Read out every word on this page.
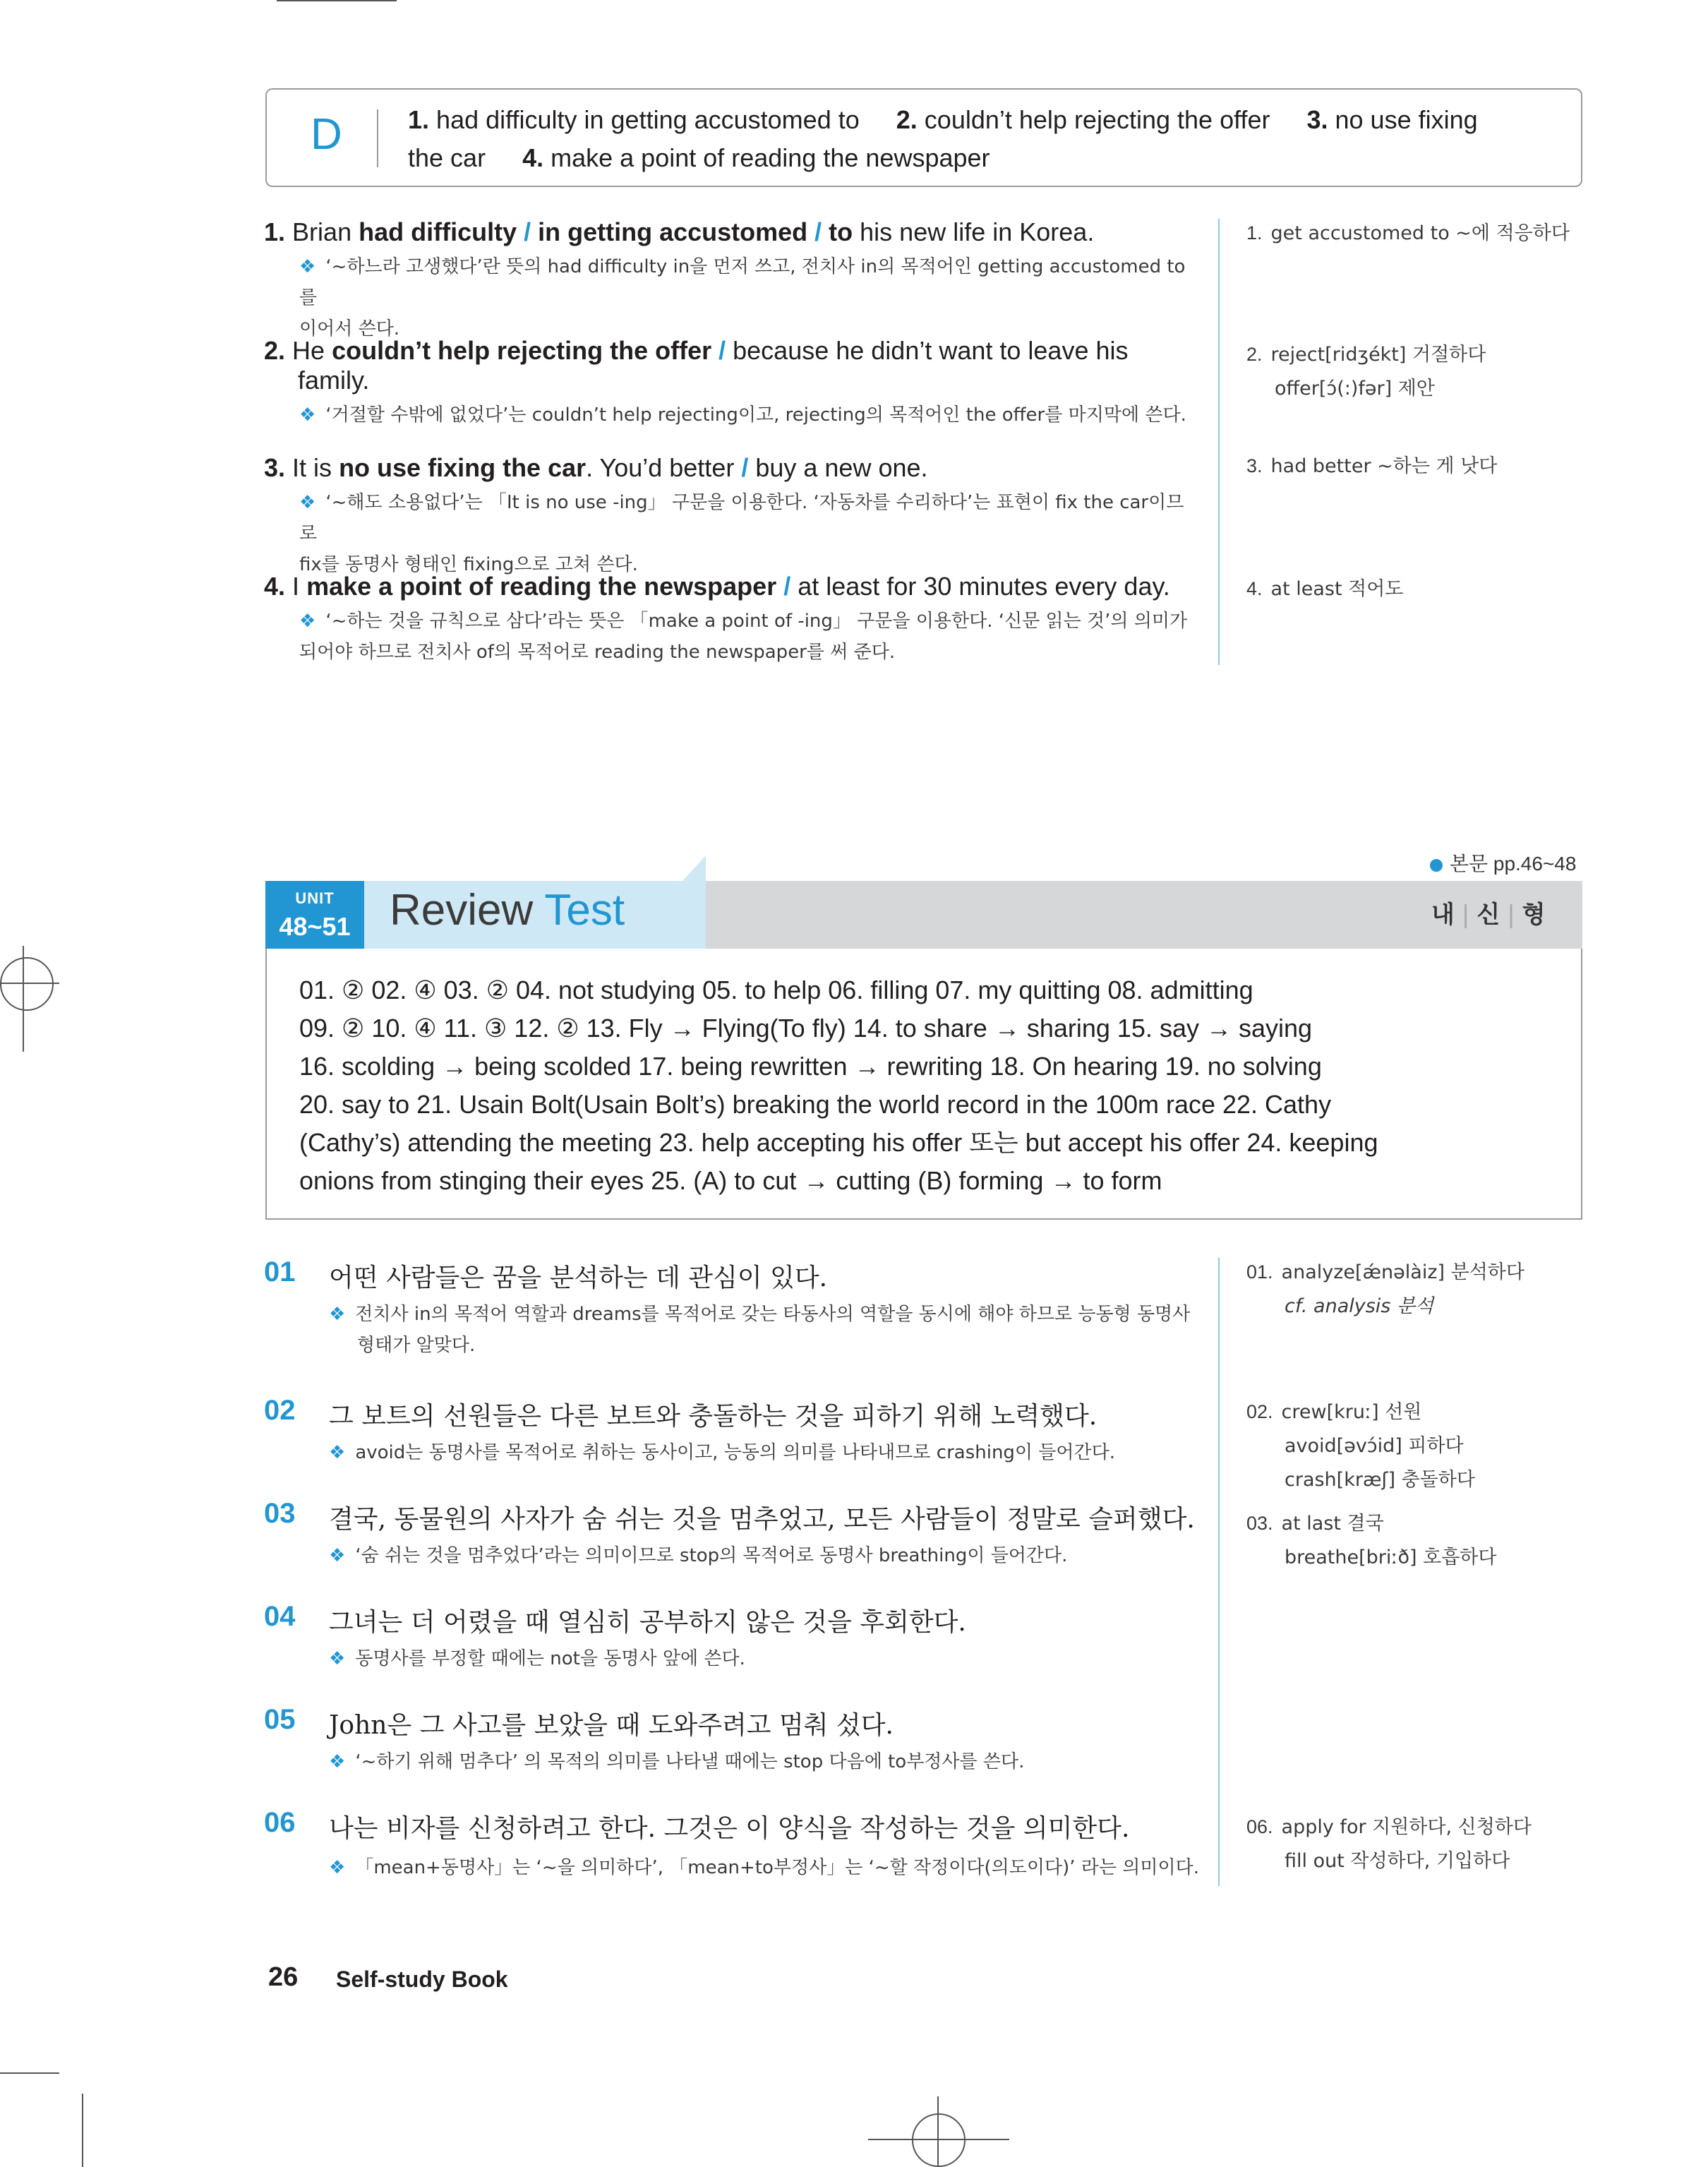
D	1. had difficulty in getting accustomed to 2. couldn’t help rejecting the offer 3. no use fixing
the car 4. make a point of reading the newspaper
1. Brian had difficulty / in getting accustomed / to his new life in Korea.
❖ ‘~하느라 고생했다’란 뜻의 had difficulty in을 먼저 쓰고, 전치사 in의 목적어인 getting accustomed to를
이어서 쓴다.
1. get accustomed to ~에 적응하다
2. He couldn’t help rejecting the offer / because he didn’t want to leave his
family.
❖ ‘거절할 수밖에 없었다’는 couldn’t help rejecting이고, rejecting의 목적어인 the offer를 마지막에 쓴다.
2. reject[ridʒékt] 거절하다
offer[ɔ́(:)fər] 제안
3. It is no use fixing the car. You’d better / buy a new one.
❖ ‘~해도 소용없다’는 「It is no use -ing」 구문을 이용한다. ‘자동차를 수리하다’는 표현이 fix the car이므로
fix를 동명사 형태인 fixing으로 고쳐 쓴다.
3. had better ~하는 게 낫다
4. I make a point of reading the newspaper / at least for 30 minutes every day.
❖ ‘~하는 것을 규칙으로 삼다’라는 뜻은 「make a point of -ing」 구문을 이용한다. ‘신문 읽는 것’의 의미가
되어야 하므로 전치사 of의 목적어로 reading the newspaper를 써 준다.
4. at least 적어도
본문 pp.46~48
UNIT
48~51 Review Test	내 | 신 | 형
01. ② 02. ④ 03. ② 04. not studying 05. to help 06. filling 07. my quitting 08. admitting
09. ② 10. ④ 11. ③ 12. ② 13. Fly → Flying(To fly) 14. to share → sharing 15. say → saying
16. scolding → being scolded 17. being rewritten → rewriting 18. On hearing 19. no solving
20. say to 21. Usain Bolt(Usain Bolt’s) breaking the world record in the 100m race 22. Cathy
(Cathy’s) attending the meeting 23. help accepting his offer 또는 but accept his offer 24. keeping
onions from stinging their eyes 25. (A) to cut → cutting (B) forming → to form
01 어떤 사람들은 꿈을 분석하는 데 관심이 있다.
❖ 전치사 in의 목적어 역할과 dreams를 목적어로 갖는 타동사의 역할을 동시에 해야 하므로 능동형 동명사
형태가 알맞다.
02 그 보트의 선원들은 다른 보트와 충돌하는 것을 피하기 위해 노력했다.
❖ avoid는 동명사를 목적어로 취하는 동사이고, 능동의 의미를 나타내므로 crashing이 들어간다.
03 결국, 동물원의 사자가 숨 쉬는 것을 멈추었고, 모든 사람들이 정말로 슬퍼했다.
❖ ‘숨 쉬는 것을 멈추었다’라는 의미이므로 stop의 목적어로 동명사 breathing이 들어간다.
04 그녀는 더 어렸을 때 열심히 공부하지 않은 것을 후회한다.
❖ 동명사를 부정할 때에는 not을 동명사 앞에 쓴다.
05 John은 그 사고를 보았을 때 도와주려고 멈춰 섰다.
❖ ‘~하기 위해 멈추다’ 의 목적의 의미를 나타낼 때에는 stop 다음에 to부정사를 쓴다.
06 나는 비자를 신청하려고 한다. 그것은 이 양식을 작성하는 것을 의미한다.
❖ 「mean+동명사」는 ‘~을 의미하다’, 「mean+to부정사」는 ‘~할 작정이다(의도이다)’ 라는 의미이다.
01. analyze[ǽnəlàiz] 분석하다
cf. analysis 분석
02. crew[kruː] 선원
avoid[əvɔ́id] 피하다
crash[kræʃ] 충돌하다
03. at last 결국
breathe[briːð] 호흡하다
06. apply for 지원하다, 신청하다
fill out 작성하다, 기입하다
26 Self-study Book
